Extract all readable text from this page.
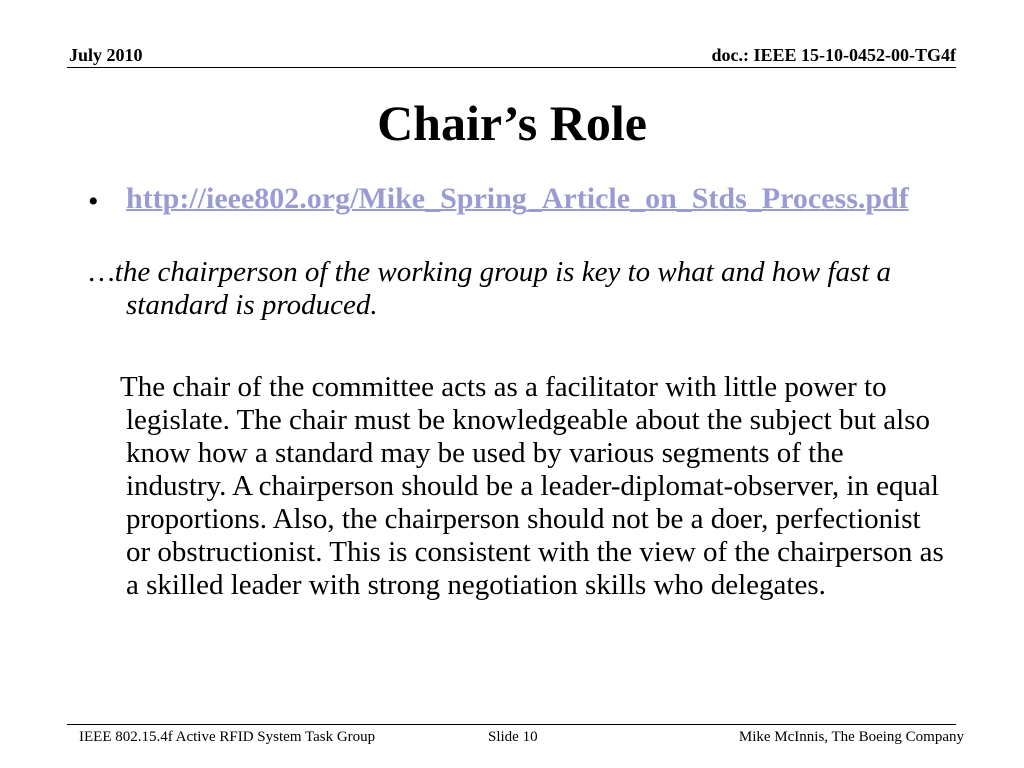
July 2010	doc.: IEEE 15-10-0452-00-TG4f
Chair’s Role
• http://ieee802.org/Mike_Spring_Article_on_Stds_Process.pdf
…the chairperson of the working group is key to what and how fast a standard is produced.
The chair of the committee acts as a facilitator with little power to legislate. The chair must be knowledgeable about the subject but also know how a standard may be used by various segments of the industry. A chairperson should be a leader-diplomat-observer, in equal proportions. Also, the chairperson should not be a doer, perfectionist or obstructionist. This is consistent with the view of the chairperson as a skilled leader with strong negotiation skills who delegates.
IEEE 802.15.4f Active RFID System Task Group	Slide 10	Mike McInnis, The Boeing Company
